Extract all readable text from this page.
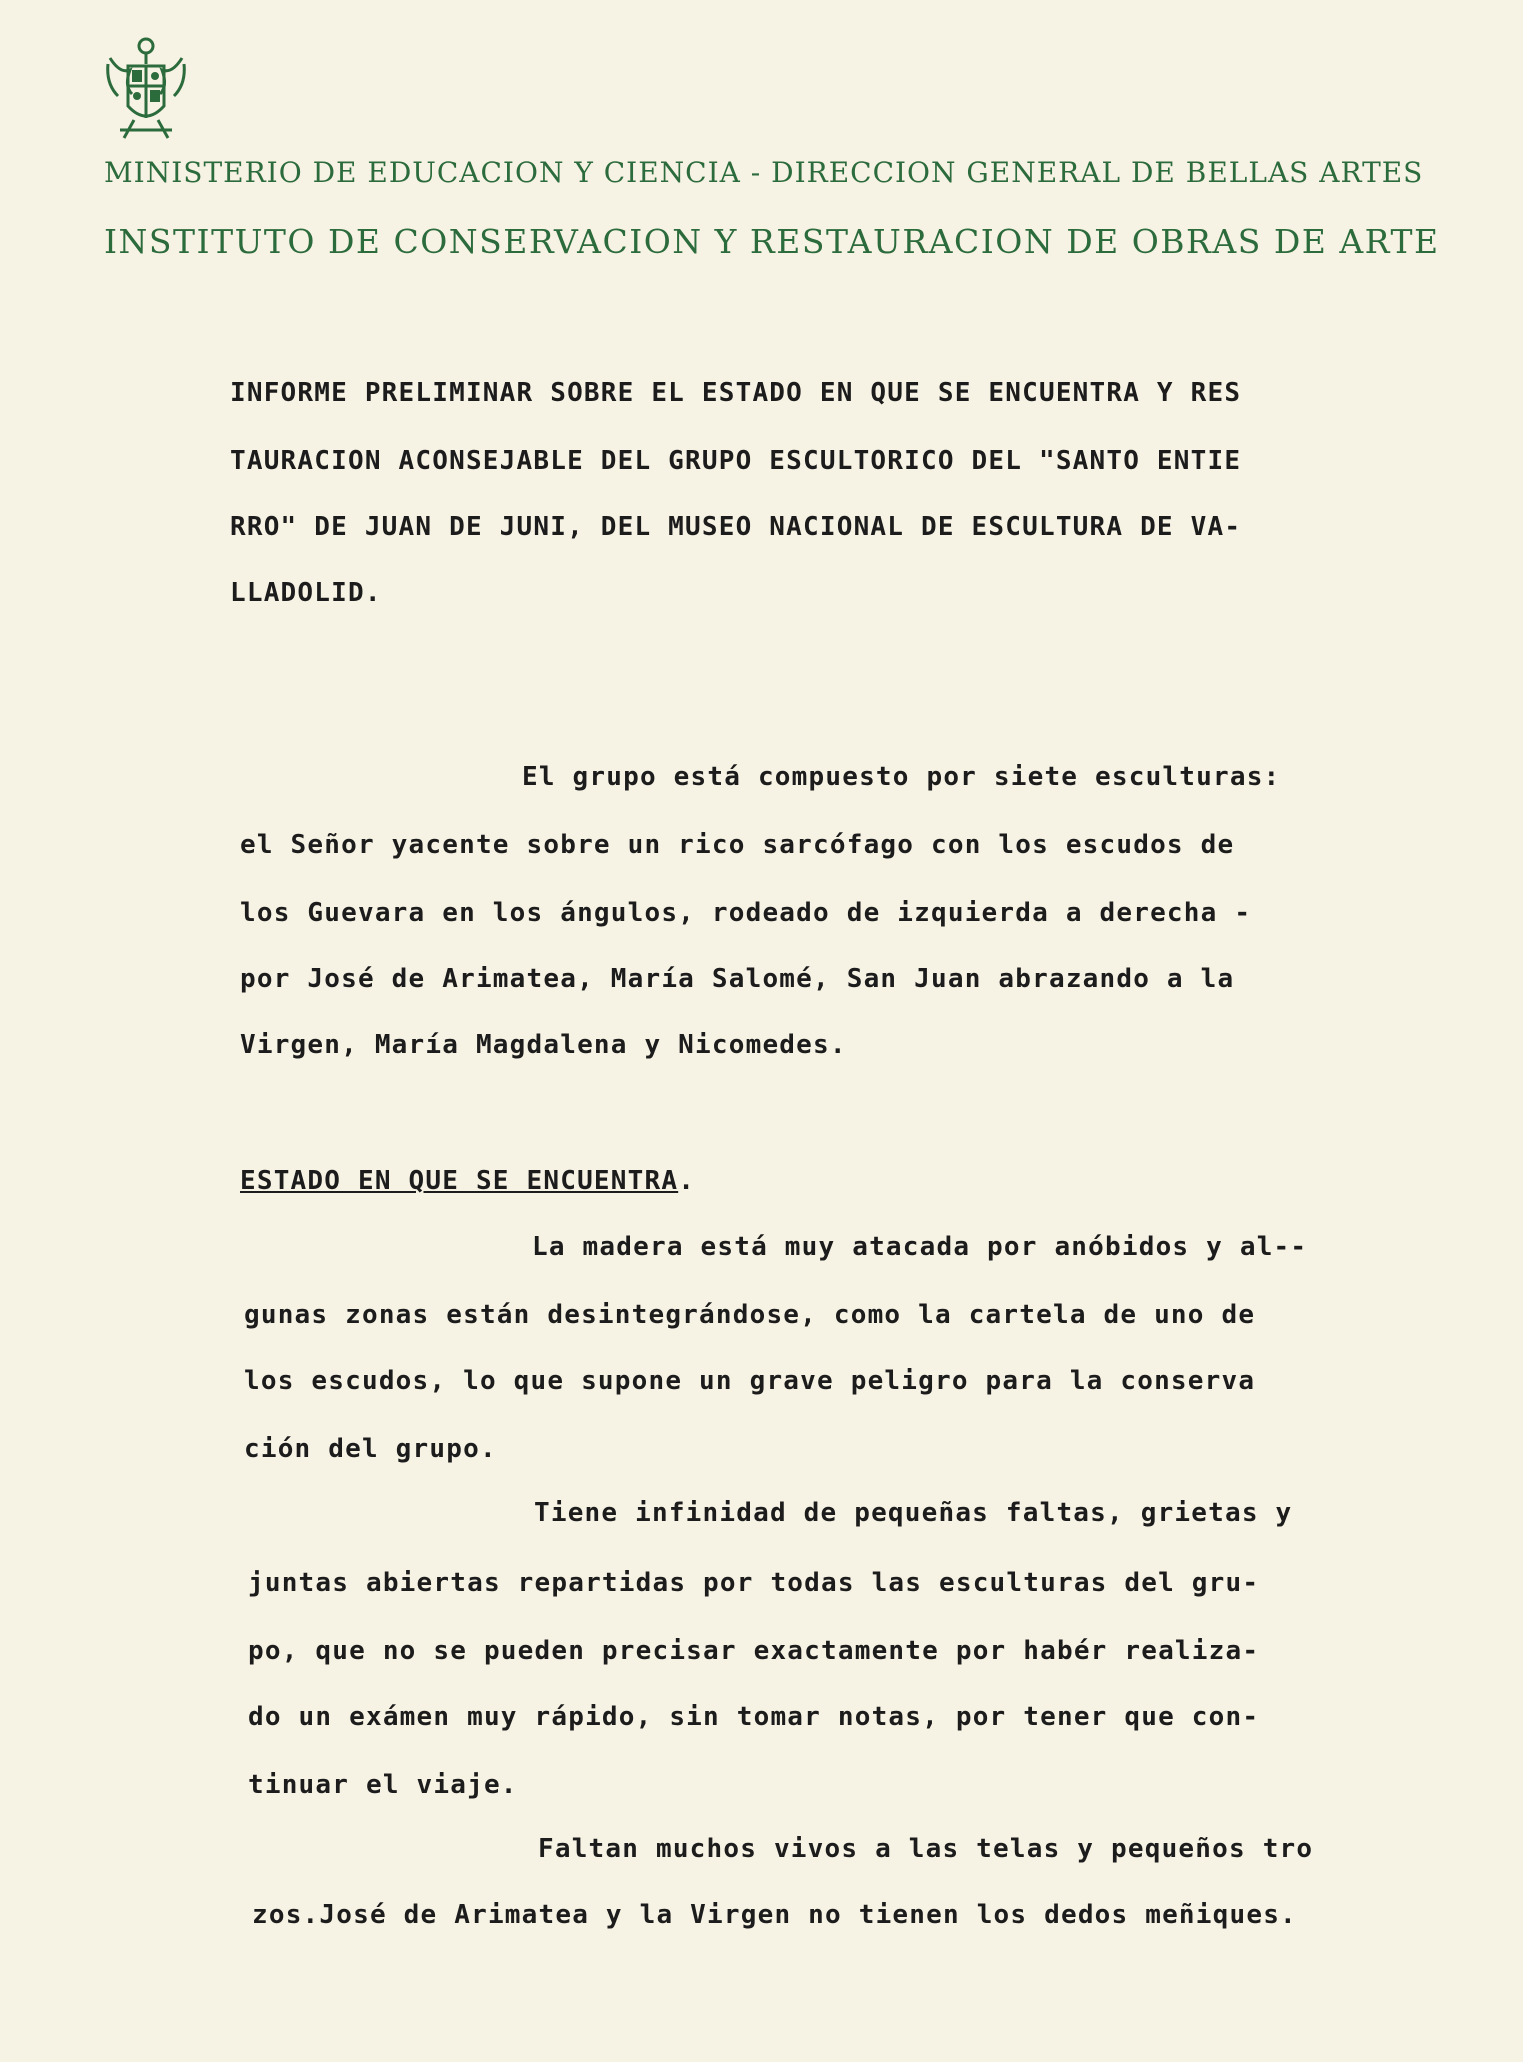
MINISTERIO DE EDUCACION Y CIENCIA - DIRECCION GENERAL DE BELLAS ARTES
INSTITUTO DE CONSERVACION Y RESTAURACION DE OBRAS DE ARTE
INFORME PRELIMINAR SOBRE EL ESTADO EN QUE SE ENCUENTRA Y RES
TAURACION ACONSEJABLE DEL GRUPO ESCULTORICO DEL "SANTO ENTIE
RRO" DE JUAN DE JUNI, DEL MUSEO NACIONAL DE ESCULTURA DE VA-
LLADOLID.
El grupo está compuesto por siete esculturas:
el Señor yacente sobre un rico sarcófago con los escudos de
los Guevara en los ángulos, rodeado de izquierda a derecha -
por José de Arimatea, María Salomé, San Juan abrazando a la
Virgen, María Magdalena y Nicomedes.
ESTADO EN QUE SE ENCUENTRA.
La madera está muy atacada por anóbidos y al--
gunas zonas están desintegrándose, como la cartela de uno de
los escudos, lo que supone un grave peligro para la conserva
ción del grupo.
Tiene infinidad de pequeñas faltas, grietas y
juntas abiertas repartidas por todas las esculturas del gru-
po, que no se pueden precisar exactamente por habér realiza-
do un exámen muy rápido, sin tomar notas, por tener que con-
tinuar el viaje.
Faltan muchos vivos a las telas y pequeños tro
zos.José de Arimatea y la Virgen no tienen los dedos meñiques.
